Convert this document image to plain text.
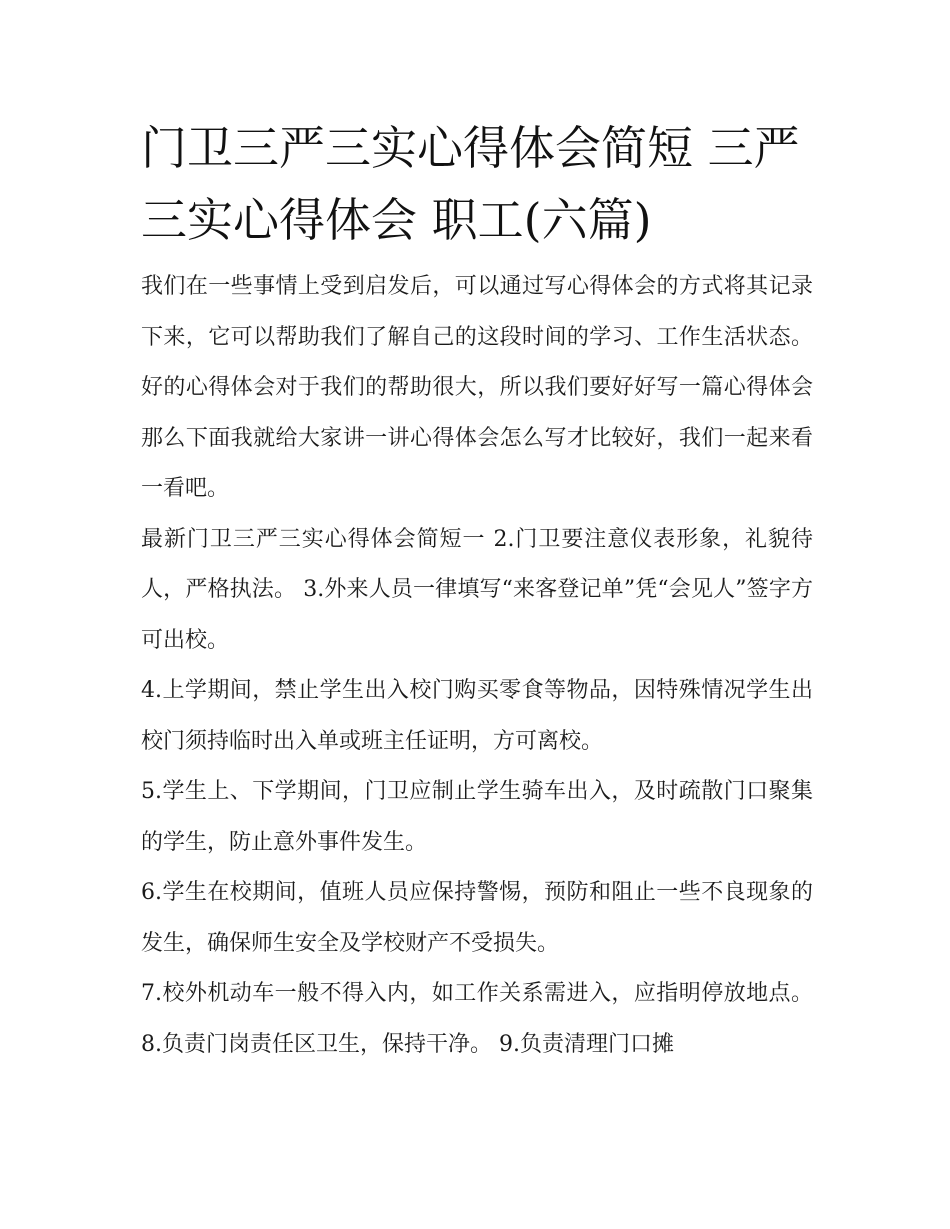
门卫三严三实心得体会简短 三严三实心得体会 职工(六篇)

我们在一些事情上受到启发后，可以通过写心得体会的方式将其记录下来，它可以帮助我们了解自己的这段时间的学习、工作生活状态。好的心得体会对于我们的帮助很大，所以我们要好好写一篇心得体会那么下面我就给大家讲一讲心得体会怎么写才比较好，我们一起来看一看吧。

最新门卫三严三实心得体会简短一 2.门卫要注意仪表形象，礼貌待人，严格执法。 3.外来人员一律填写“来客登记单”凭“会见人”签字方可出校。

4.上学期间，禁止学生出入校门购买零食等物品，因特殊情况学生出校门须持临时出入单或班主任证明，方可离校。

5.学生上、下学期间，门卫应制止学生骑车出入，及时疏散门口聚集的学生，防止意外事件发生。

6.学生在校期间，值班人员应保持警惕，预防和阻止一些不良现象的发生，确保师生安全及学校财产不受损失。

7.校外机动车一般不得入内，如工作关系需进入，应指明停放地点。 8.负责门岗责任区卫生，保持干净。 9.负责清理门口摊
